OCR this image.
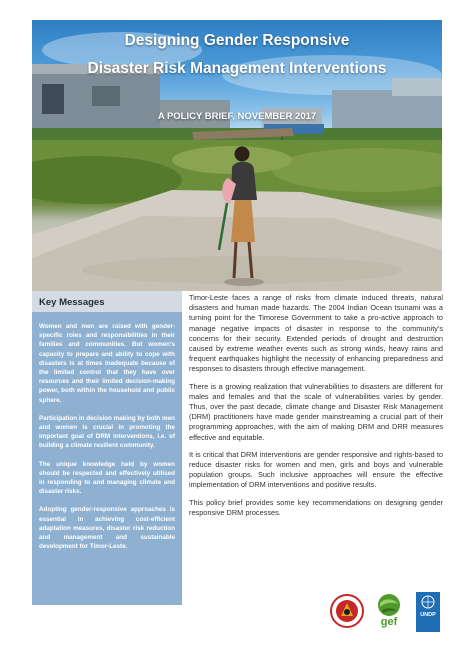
Designing Gender Responsive
Disaster Risk Management Interventions
A POLICY BRIEF, NOVEMBER 2017
Key Messages

Women and men are raised with gender-specific roles and responsibilities in their families and communities. But women's capacity to prepare and ability to cope with disasters is at times inadequate because of the limited control that they have over resources and their limited decision-making power, both within the household and public sphere.

Participation in decision making by both men and women is crucial in promoting the important goal of DRM interventions, i.e. of building a climate resilient community.

The unique knowledge held by women should be respected and effectively utilised in responding to and managing climate and disaster risks.

Adopting gender-responsive approaches is essential in achieving cost-efficient adaptation measures, disaster risk reduction and management and sustainable development for Timor-Leste.

Timor-Leste faces a range of risks from climate induced threats, natural disasters and human made hazards. The 2004 Indian Ocean tsunami was a turning point for the Timorese Government to take a pro-active approach to manage negative impacts of disaster in response to the community's concerns for their security. Extended periods of drought and destruction caused by extreme weather events such as strong winds, heavy rains and frequent earthquakes highlight the necessity of enhancing preparedness and responses to disasters through effective management.

There is a growing realization that vulnerabilities to disasters are different for males and females and that the scale of vulnerabilities varies by gender. Thus, over the past decade, climate change and Disaster Risk Management (DRM) practitioners have made gender mainstreaming a crucial part of their programming approaches, with the aim of making DRM and DRR measures effective and equitable.

It is critical that DRM interventions are gender responsive and rights-based to reduce disaster risks for women and men, girls and boys and vulnerable population groups. Such inclusive approaches will ensure the effective implementation of DRM interventions and positive results.

This policy brief provides some key recommendations on designing gender responsive DRM processes.

gef
UNDP
